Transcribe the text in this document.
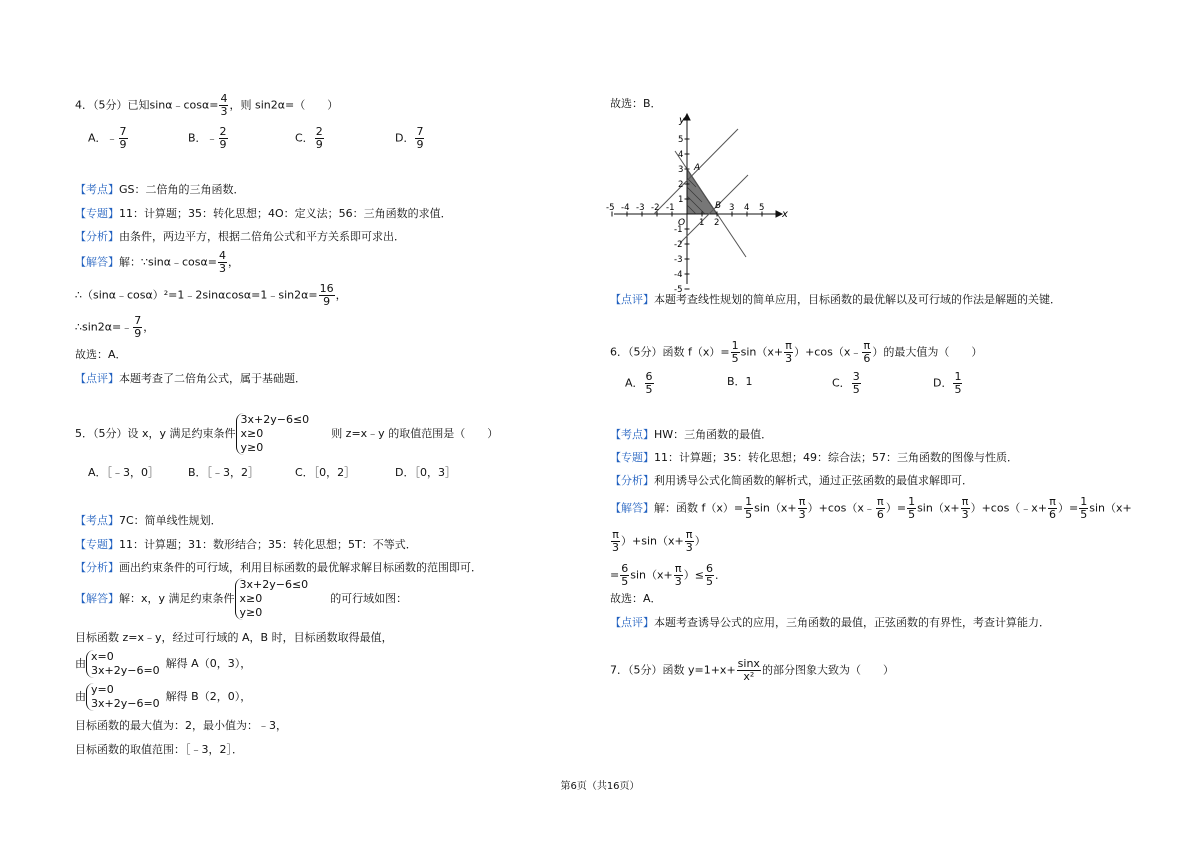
4．（5分）已知sinα﹣cosα= $\frac{4}{3}$ ，则 sin2α=（　　）
A．﹣ $\frac{7}{9}$	B．﹣ $\frac{2}{9}$	C． $\frac{2}{9}$	D． $\frac{7}{9}$
【考点】GS：二倍角的三角函数．
【专题】11：计算题；35：转化思想；4O：定义法；56：三角函数的求值．
【分析】由条件，两边平方，根据二倍角公式和平方关系即可求出．
【解答】解：∵sinα﹣cosα= $\frac{4}{3}$ ，
∴（sinα﹣cosα）²=1﹣2sinαcosα=1﹣sin2α= $\frac{16}{9}$ ，
∴sin2α=﹣ $\frac{7}{9}$ ，
故选：A．
【点评】本题考查了二倍角公式，属于基础题．
5．（5分）设 x，y 满足约束条件
3x+2y−6≤0
x≥0
y≥0
则 z=x﹣y 的取值范围是（　　）
A．［﹣3，0］	B．［﹣3，2］	C．［0，2］	D．［0，3］
【考点】7C：简单线性规划．
【专题】11：计算题；31：数形结合；35：转化思想；5T：不等式．
【分析】画出约束条件的可行域，利用目标函数的最优解求解目标函数的范围即可．
【解答】解：x，y 满足约束条件
3x+2y−6≤0
x≥0
y≥0
的可行域如图：
目标函数 z=x﹣y，经过可行域的 A，B 时，目标函数取得最值，
由
x=0
3x+2y−6=0
解得 A（0，3），
由
y=0
3x+2y−6=0
解得 B（2，0），
目标函数的最大值为：2，最小值为：﹣3，
目标函数的取值范围：［﹣3，2］．
故选：B．
-5 -4 -3 -2 -1
1 2
3 4 5
5
4
3
2
1
-1
-2
-3
-4
-5
x
y
O
A
B
【点评】本题考查线性规划的简单应用，目标函数的最优解以及可行域的作法是解题的关键．
6．（5分）函数 $f(x)= \frac{1}{5} \sin(x+ \frac{\pi}{3}$ ）+cos（x﹣ $\frac{\pi}{6}$ ）的最大值为（　　）
A． $\frac{6}{5}$	B．1	C． $\frac{3}{5}$	D． $\frac{1}{5}$
【考点】HW：三角函数的最值．
【专题】11：计算题；35：转化思想；49：综合法；57：三角函数的图像与性质．
【分析】利用诱导公式化简函数的解析式，通过正弦函数的最值求解即可．
【解答】解：函数 $f(x)= \frac{1}{5} \sin(x+ \frac{\pi}{3}$ ）+cos（x﹣ $\frac{\pi}{6}$ ）= $\frac{1}{5} \sin(x+ \frac{\pi}{3}$ ）+cos（﹣x+ $\frac{\pi}{6}$ ）= $\frac{1}{5} \sin(x+$
$\frac{\pi}{3} )+\sin(x+ \frac{\pi}{3}$ ）
= $\frac{6}{5} \sin(x+ \frac{\pi}{3}$ ）≤ $\frac{6}{5}$ ．
故选：A．
【点评】本题考查诱导公式的应用，三角函数的最值，正弦函数的有界性，考查计算能力．
7．（5分）函数 $y=1+x+ \frac{\sin x}{\text{x²}}$ 的部分图象大致为（　　）
第6页（共16页）
